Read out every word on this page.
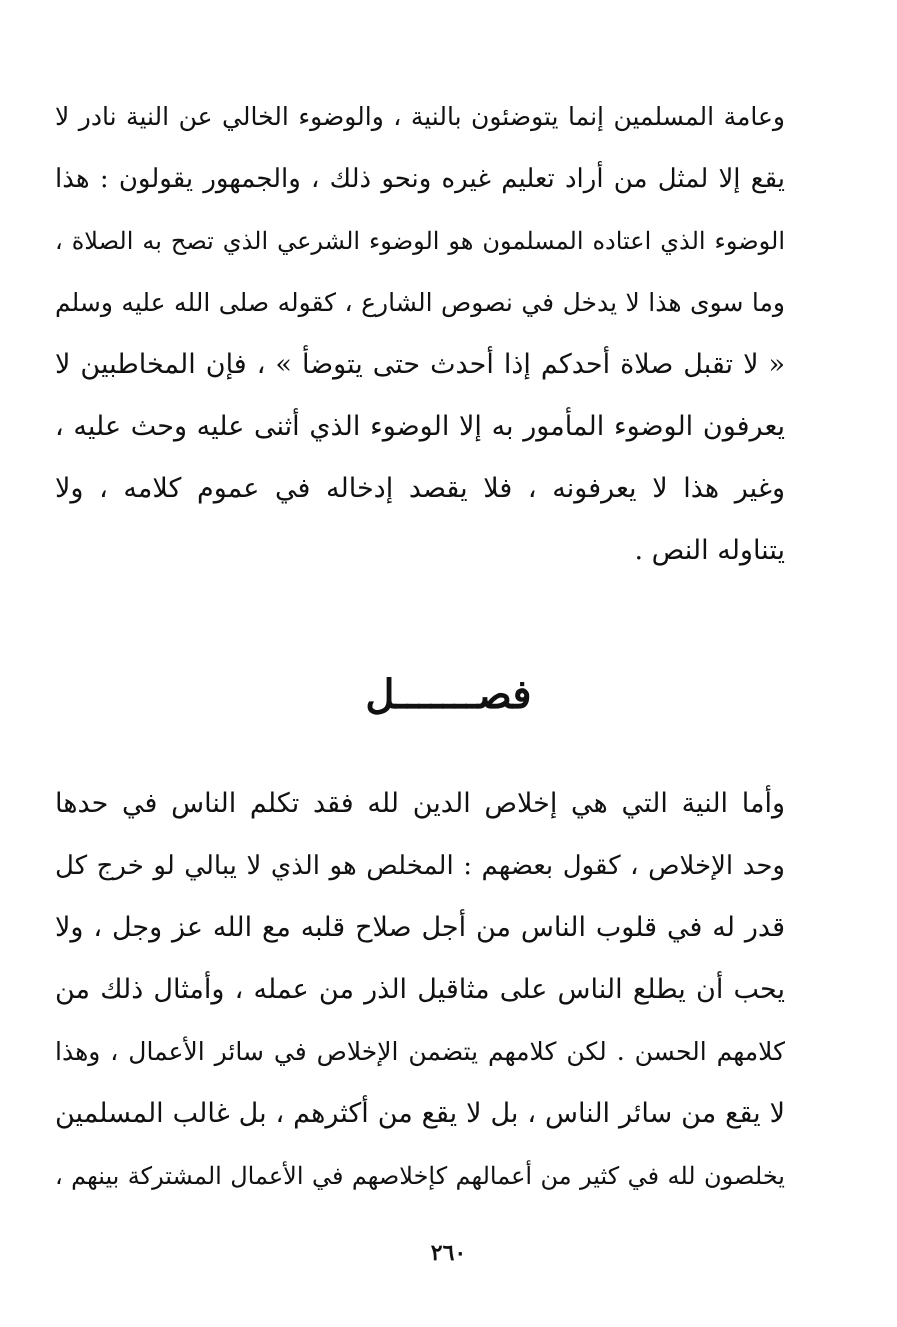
وعامة المسلمين إنما يتوضئون بالنية ، والوضوء الخالي عن النية نادر لا
يقع إلا لمثل من أراد تعليم غيره ونحو ذلك ، والجمهور يقولون : هذا
الوضوء الذي اعتاده المسلمون هو الوضوء الشرعي الذي تصح به الصلاة ،
وما سوى هذا لا يدخل في نصوص الشارع ، كقوله صلى الله عليه وسلم
« لا تقبل صلاة أحدكم إذا أحدث حتى يتوضأ » ، فإن المخاطبين لا
يعرفون الوضوء المأمور به إلا الوضوء الذي أثنى عليه وحث عليه ،
وغير هذا لا يعرفونه ، فلا يقصد إدخاله في عموم كلامه ، ولا
يتناوله النص .
فصـــــــل
وأما النية التي هي إخلاص الدين لله فقد تكلم الناس في حدها
وحد الإخلاص ، كقول بعضهم : المخلص هو الذي لا يبالي لو خرج كل
قدر له في قلوب الناس من أجل صلاح قلبه مع الله عز وجل ، ولا
يحب أن يطلع الناس على مثاقيل الذر من عمله ، وأمثال ذلك من
كلامهم الحسن . لكن كلامهم يتضمن الإخلاص في سائر الأعمال ، وهذا
لا يقع من سائر الناس ، بل لا يقع من أكثرهم ، بل غالب المسلمين
يخلصون لله في كثير من أعمالهم كإخلاصهم في الأعمال المشتركة بينهم ،
٢٦٠
